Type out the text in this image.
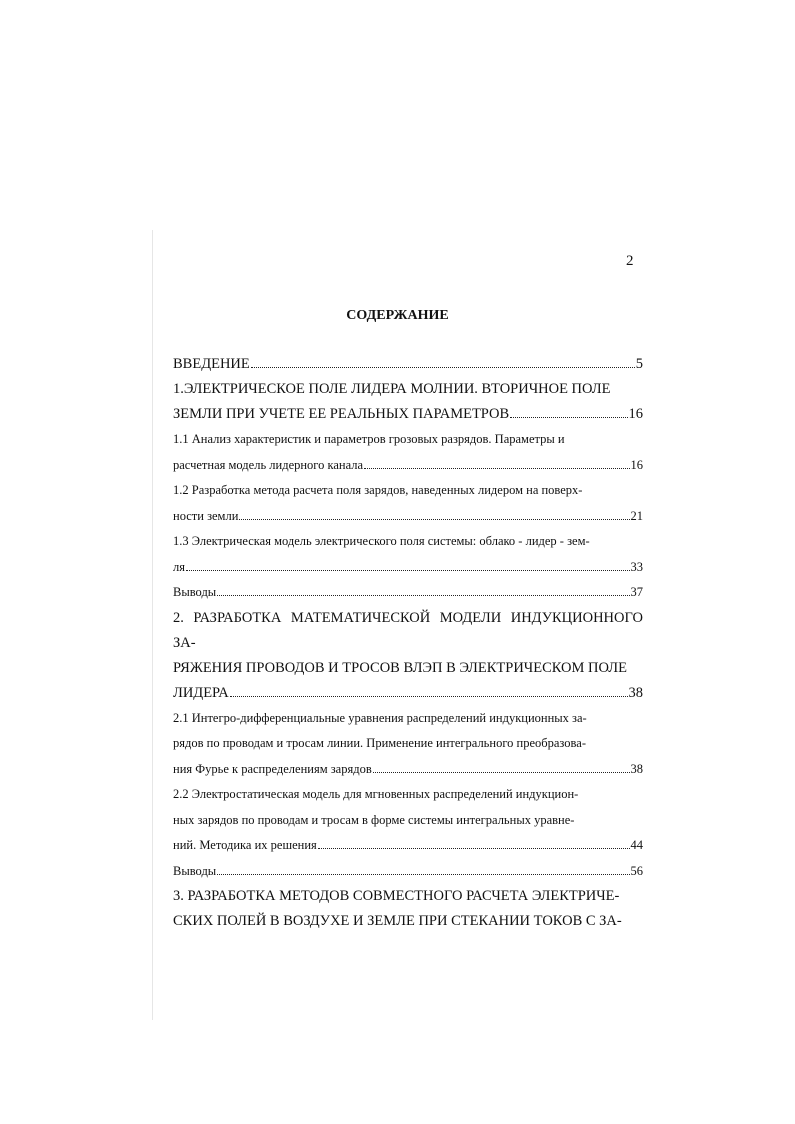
2
СОДЕРЖАНИЕ
ВВЕДЕНИЕ	5
1.ЭЛЕКТРИЧЕСКОЕ ПОЛЕ ЛИДЕРА МОЛНИИ. ВТОРИЧНОЕ ПОЛЕ
ЗЕМЛИ ПРИ УЧЕТЕ ЕЕ РЕАЛЬНЫХ ПАРАМЕТРОВ	16
1.1 Анализ характеристик и параметров грозовых разрядов. Параметры и
расчетная модель лидерного канала	16
1.2 Разработка метода расчета поля зарядов, наведенных лидером на поверх-
ности земли	21
1.3 Электрическая модель электрического поля системы: облако - лидер - зем-
ля	33
Выводы	37
2. РАЗРАБОТКА МАТЕМАТИЧЕСКОЙ МОДЕЛИ ИНДУКЦИОННОГО ЗА-
РЯЖЕНИЯ ПРОВОДОВ И ТРОСОВ ВЛЭП В ЭЛЕКТРИЧЕСКОМ ПОЛЕ
ЛИДЕРА	38
2.1 Интегро-дифференциальные уравнения распределений индукционных за-
рядов по проводам и тросам линии. Применение интегрального преобразова-
ния Фурье к распределениям зарядов	38
2.2 Электростатическая модель для мгновенных распределений индукцион-
ных зарядов по проводам и тросам в форме системы интегральных уравне-
ний. Методика их решения	44
Выводы	56
3. РАЗРАБОТКА МЕТОДОВ СОВМЕСТНОГО РАСЧЕТА ЭЛЕКТРИЧЕ-
СКИХ ПОЛЕЙ В ВОЗДУХЕ И ЗЕМЛЕ ПРИ СТЕКАНИИ ТОКОВ С ЗА-
